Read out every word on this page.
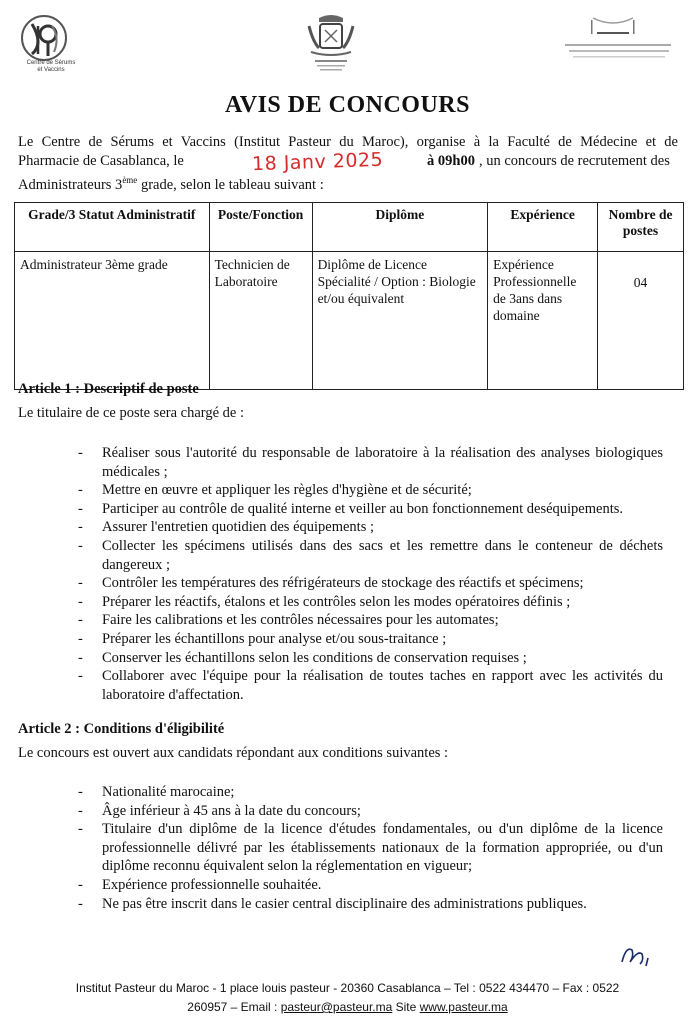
Centre de Sérums et Vaccins
AVIS DE CONCOURS
Le Centre de Sérums et Vaccins (Institut Pasteur du Maroc), organise à la Faculté de Médecine et de
Pharmacie de Casablanca, le	à 09h00 , un concours de recrutement des
Administrateurs 3ème grade, selon le tableau suivant :
18 Janv 2025
Grade/3 Statut Administratif	Poste/Fonction	Diplôme	Expérience	Nombre de postes
Administrateur 3ème grade	Technicien de Laboratoire	Diplôme de Licence Spécialité / Option : Biologie et/ou équivalent	Expérience Professionnelle de 3ans dans domaine	04
Article 1 : Descriptif de poste
Le titulaire de ce poste sera chargé de :
- Réaliser sous l'autorité du responsable de laboratoire à la réalisation des analyses biologiques médicales ;
- Mettre en œuvre et appliquer les règles d'hygiène et de sécurité;
- Participer au contrôle de qualité interne et veiller au bon fonctionnement deséquipements.
- Assurer l'entretien quotidien des équipements ;
- Collecter les spécimens utilisés dans des sacs et les remettre dans le conteneur de déchets dangereux ;
- Contrôler les températures des réfrigérateurs de stockage des réactifs et spécimens;
- Préparer les réactifs, étalons et les contrôles selon les modes opératoires définis ;
- Faire les calibrations et les contrôles nécessaires pour les automates;
- Préparer les échantillons pour analyse et/ou sous-traitance ;
- Conserver les échantillons selon les conditions de conservation requises ;
- Collaborer avec l'équipe pour la réalisation de toutes taches en rapport avec les activités du laboratoire d'affectation.
Article 2 : Conditions d'éligibilité
Le concours est ouvert aux candidats répondant aux conditions suivantes :
- Nationalité marocaine;
- Âge inférieur à 45 ans à la date du concours;
- Titulaire d'un diplôme de la licence d'études fondamentales, ou d'un diplôme de la licence professionnelle délivré par les établissements nationaux de la formation appropriée, ou d'un diplôme reconnu équivalent selon la réglementation en vigueur;
- Expérience professionnelle souhaitée.
- Ne pas être inscrit dans le casier central disciplinaire des administrations publiques.
Institut Pasteur du Maroc - 1 place louis pasteur - 20360 Casablanca – Tel : 0522 434470 – Fax : 0522
260957 – Email : pasteur@pasteur.ma Site www.pasteur.ma
